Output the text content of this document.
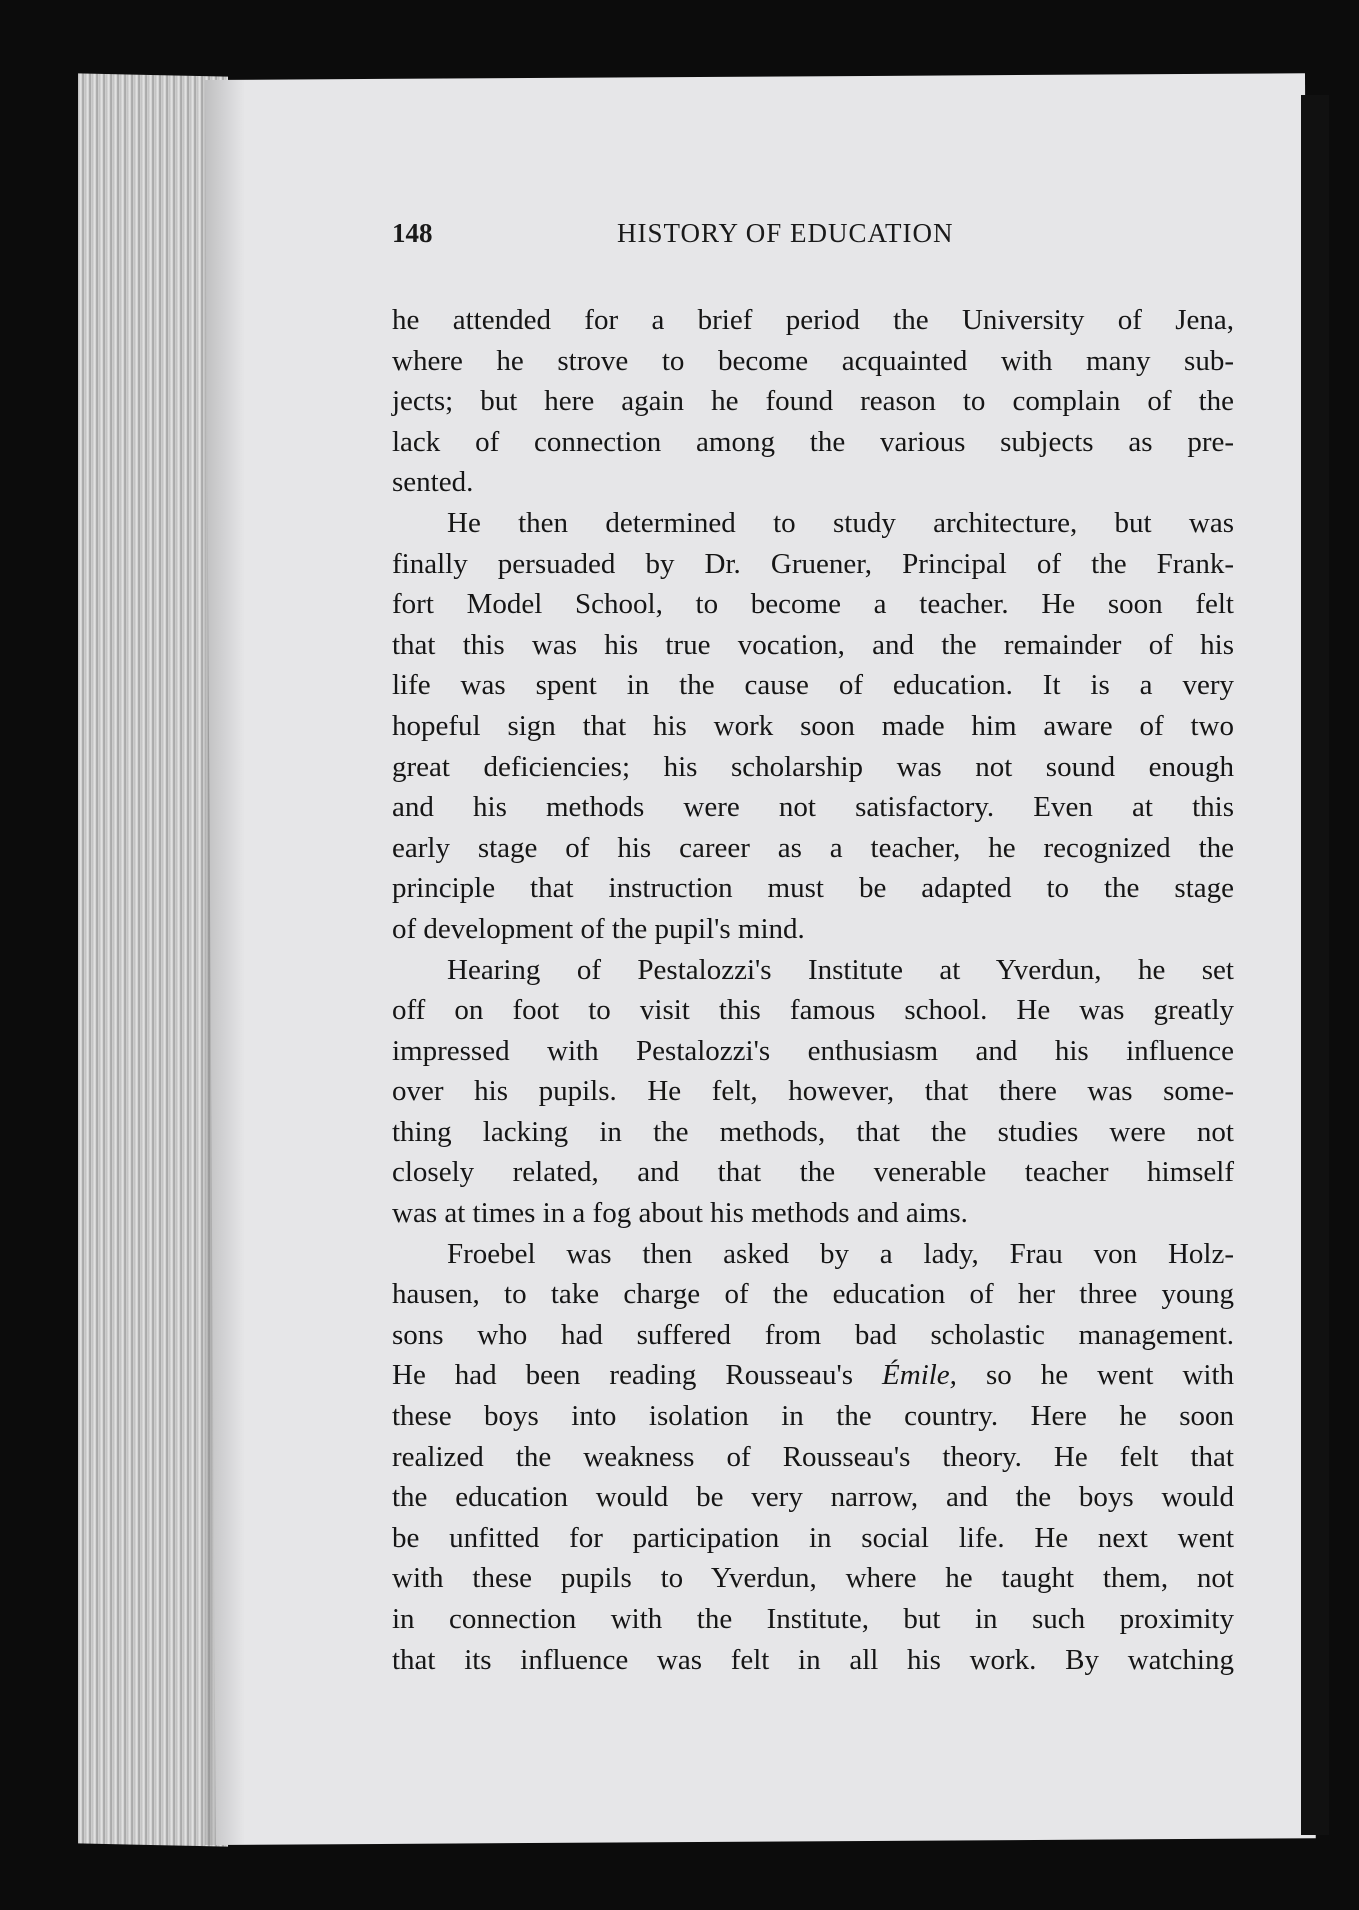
148	HISTORY OF EDUCATION

he attended for a brief period the University of Jena,
where he strove to become acquainted with many sub-
jects; but here again he found reason to complain of the
lack of connection among the various subjects as pre-
sented.

He then determined to study architecture, but was
finally persuaded by Dr. Gruener, Principal of the Frank-
fort Model School, to become a teacher. He soon felt
that this was his true vocation, and the remainder of his
life was spent in the cause of education. It is a very
hopeful sign that his work soon made him aware of two
great deficiencies; his scholarship was not sound enough
and his methods were not satisfactory. Even at this
early stage of his career as a teacher, he recognized the
principle that instruction must be adapted to the stage
of development of the pupil's mind.

Hearing of Pestalozzi's Institute at Yverdun, he set
off on foot to visit this famous school. He was greatly
impressed with Pestalozzi's enthusiasm and his influence
over his pupils. He felt, however, that there was some-
thing lacking in the methods, that the studies were not
closely related, and that the venerable teacher himself
was at times in a fog about his methods and aims.

Froebel was then asked by a lady, Frau von Holz-
hausen, to take charge of the education of her three young
sons who had suffered from bad scholastic management.
He had been reading Rousseau's Émile, so he went with
these boys into isolation in the country. Here he soon
realized the weakness of Rousseau's theory. He felt that
the education would be very narrow, and the boys would
be unfitted for participation in social life. He next went
with these pupils to Yverdun, where he taught them, not
in connection with the Institute, but in such proximity
that its influence was felt in all his work. By watching
